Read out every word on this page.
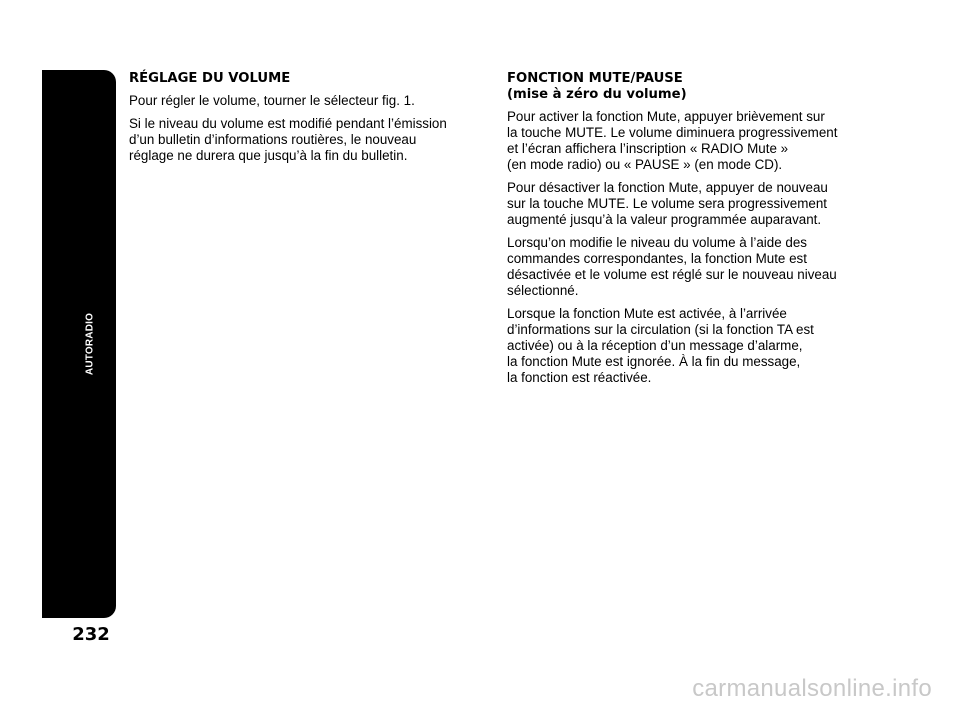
AUTORADIO
232
RÉGLAGE DU VOLUME

Pour régler le volume, tourner le sélecteur fig. 1.

Si le niveau du volume est modifié pendant l’émission
d’un bulletin d’informations routières, le nouveau
réglage ne durera que jusqu’à la fin du bulletin.

FONCTION MUTE/PAUSE
(mise à zéro du volume)

Pour activer la fonction Mute, appuyer brièvement sur
la touche MUTE. Le volume diminuera progressivement
et l’écran affichera l’inscription « RADIO Mute »
(en mode radio) ou « PAUSE » (en mode CD).

Pour désactiver la fonction Mute, appuyer de nouveau
sur la touche MUTE. Le volume sera progressivement
augmenté jusqu’à la valeur programmée auparavant.

Lorsqu’on modifie le niveau du volume à l’aide des
commandes correspondantes, la fonction Mute est
désactivée et le volume est réglé sur le nouveau niveau
sélectionné.

Lorsque la fonction Mute est activée, à l’arrivée
d’informations sur la circulation (si la fonction TA est
activée) ou à la réception d’un message d’alarme,
la fonction Mute est ignorée. À la fin du message,
la fonction est réactivée.

carmanualsonline.info
